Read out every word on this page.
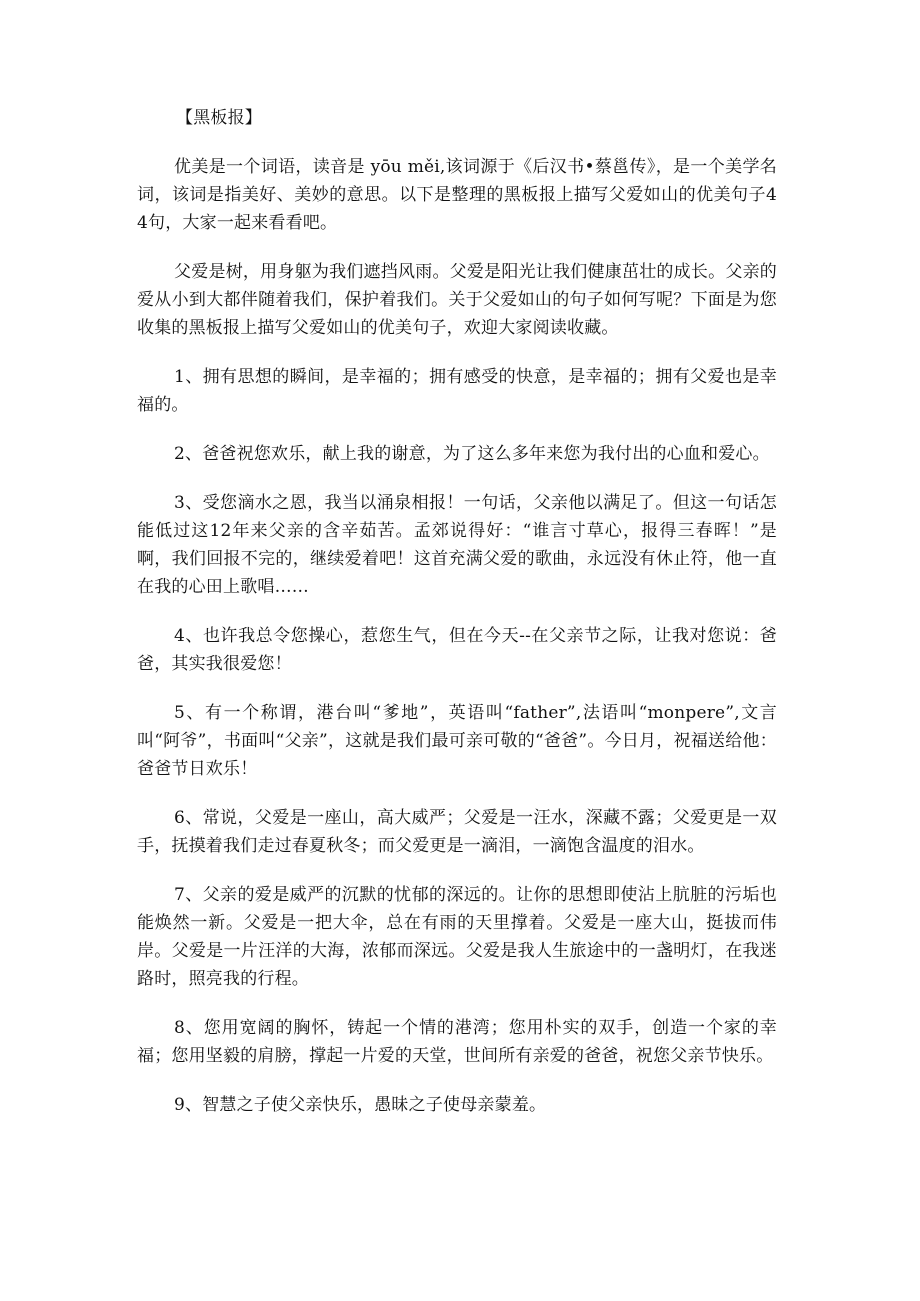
【黑板报】

优美是一个词语，读音是 yōu měi,该词源于《后汉书•蔡邕传》，是一个美学名词，该词是指美好、美妙的意思。以下是整理的黑板报上描写父爱如山的优美句子44句，大家一起来看看吧。

父爱是树，用身躯为我们遮挡风雨。父爱是阳光让我们健康茁壮的成长。父亲的爱从小到大都伴随着我们，保护着我们。关于父爱如山的句子如何写呢？下面是为您收集的黑板报上描写父爱如山的优美句子，欢迎大家阅读收藏。

1、拥有思想的瞬间，是幸福的；拥有感受的快意，是幸福的；拥有父爱也是幸福的。

2、爸爸祝您欢乐，献上我的谢意，为了这么多年来您为我付出的心血和爱心。

3、受您滴水之恩，我当以涌泉相报！一句话，父亲他以满足了。但这一句话怎能低过这12年来父亲的含辛茹苦。孟郊说得好：“谁言寸草心，报得三春晖！”是啊，我们回报不完的，继续爱着吧！这首充满父爱的歌曲，永远没有休止符，他一直在我的心田上歌唱……

4、也许我总令您操心，惹您生气，但在今天--在父亲节之际，让我对您说：爸爸，其实我很爱您！

5、有一个称谓，港台叫“爹地”，英语叫“father”,法语叫“monpere”,文言叫“阿爷”，书面叫“父亲”，这就是我们最可亲可敬的“爸爸”。今日月，祝福送给他：爸爸节日欢乐！

6、常说，父爱是一座山，高大威严；父爱是一汪水，深藏不露；父爱更是一双手，抚摸着我们走过春夏秋冬；而父爱更是一滴泪，一滴饱含温度的泪水。

7、父亲的爱是威严的沉默的忧郁的深远的。让你的思想即使沾上肮脏的污垢也能焕然一新。父爱是一把大伞，总在有雨的天里撑着。父爱是一座大山，挺拔而伟岸。父爱是一片汪洋的大海，浓郁而深远。父爱是我人生旅途中的一盏明灯，在我迷路时，照亮我的行程。

8、您用宽阔的胸怀，铸起一个情的港湾；您用朴实的双手，创造一个家的幸福；您用坚毅的肩膀，撑起一片爱的天堂，世间所有亲爱的爸爸，祝您父亲节快乐。

9、智慧之子使父亲快乐，愚昧之子使母亲蒙羞。
